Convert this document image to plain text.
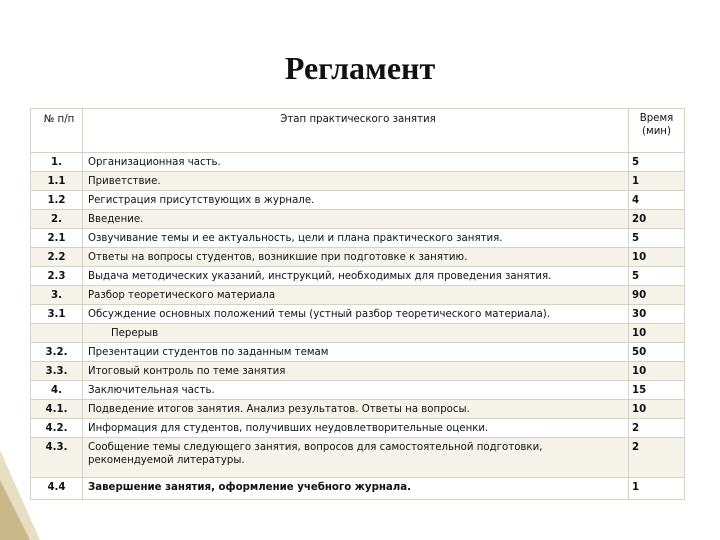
Регламент
№ п/п	Этап практического занятия	Время
(мин)
1.	Организационная часть.	5
1.1	Приветствие.	1
1.2	Регистрация присутствующих в журнале.	4
2.	Введение.	20
2.1	Озвучивание темы и ее актуальность, цели и плана практического занятия.	5
2.2	Ответы на вопросы студентов, возникшие при подготовке к занятию.	10
2.3	Выдача методических указаний, инструкций, необходимых для проведения занятия.	5
3.	Разбор теоретического материала	90
3.1	Обсуждение основных положений темы (устный разбор теоретического материала).	30
	Перерыв	10
3.2.	Презентации студентов по заданным темам	50
3.3.	Итоговый контроль по теме занятия	10
4.	Заключительная часть.	15
4.1.	Подведение итогов занятия. Анализ результатов. Ответы на вопросы.	10
4.2.	Информация для студентов, получивших неудовлетворительные оценки.	2
4.3.	Сообщение темы следующего занятия, вопросов для самостоятельной подготовки, рекомендуемой литературы.	2
4.4	Завершение занятия, оформление учебного журнала.	1
